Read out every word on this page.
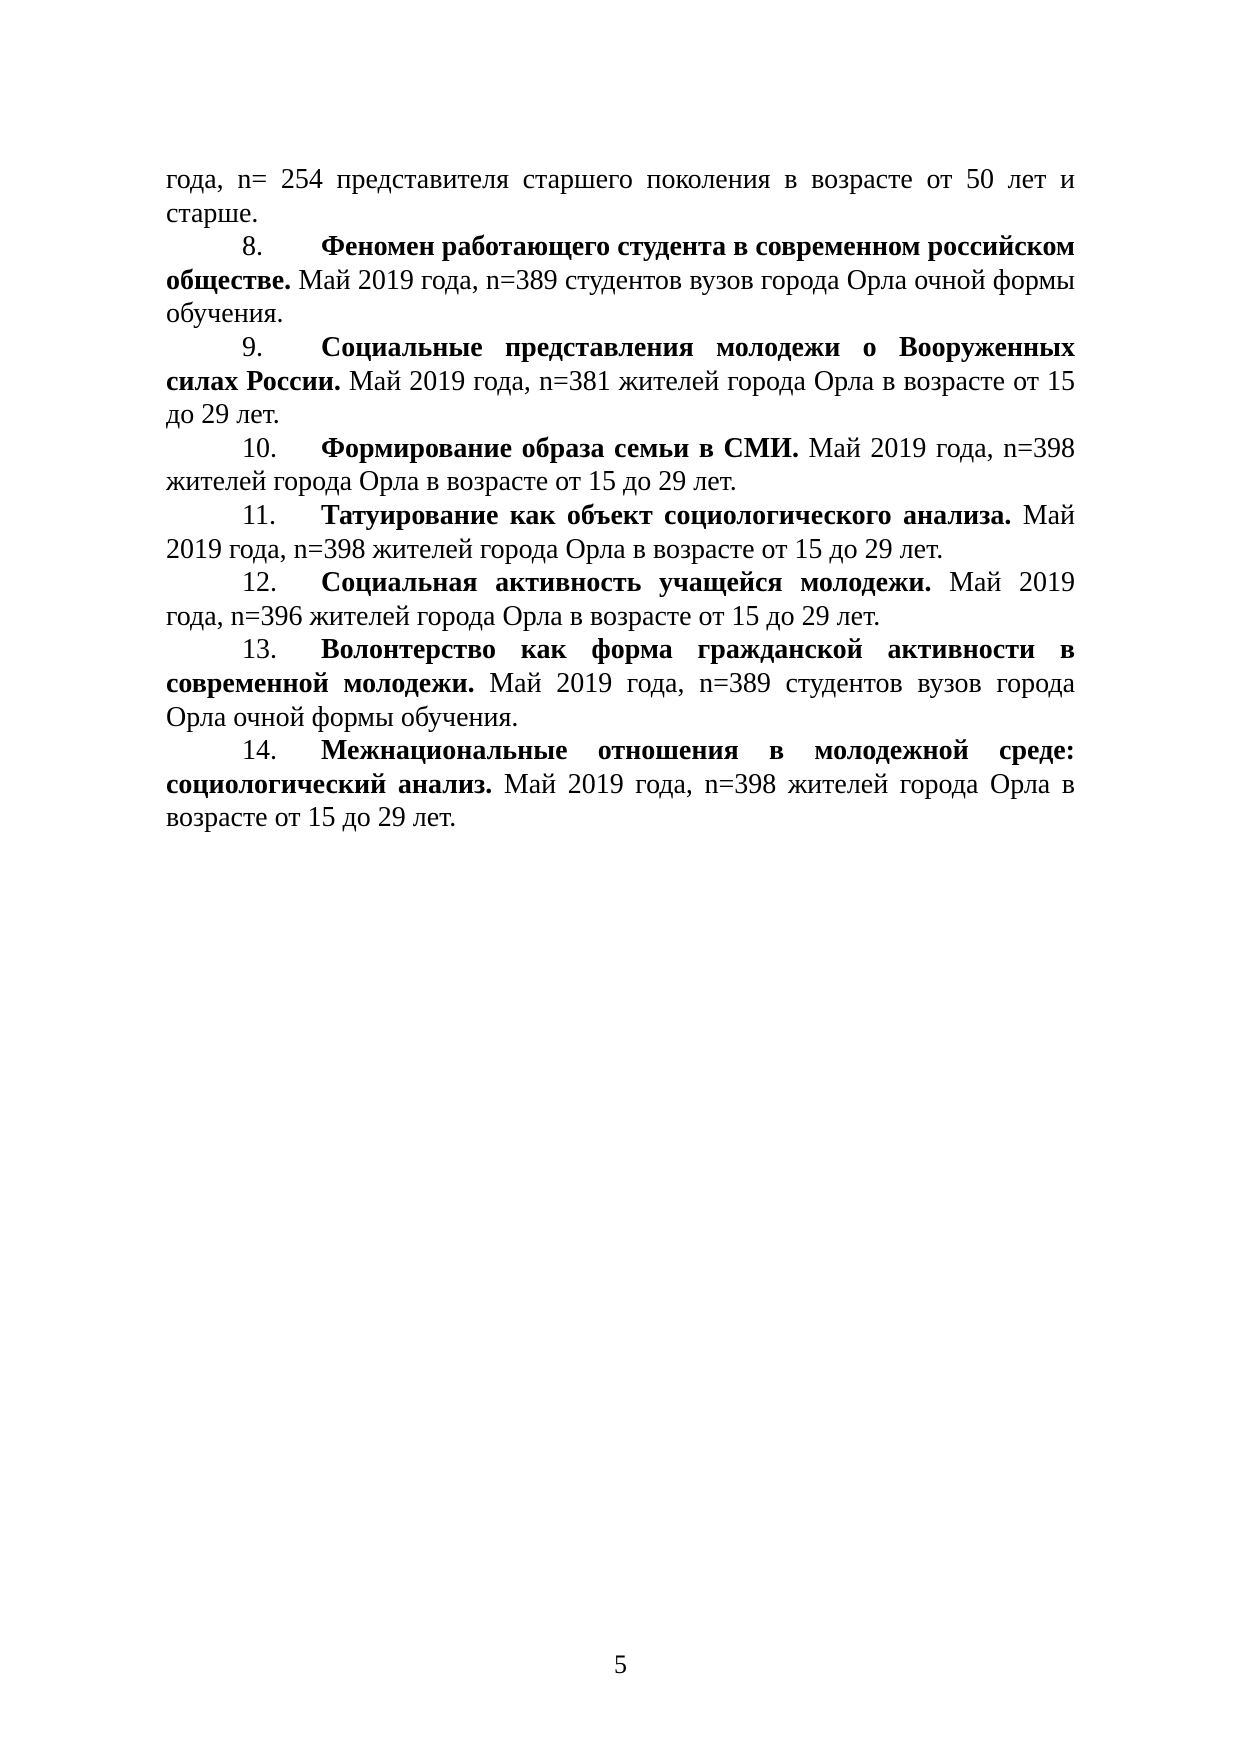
года, n= 254 представителя старшего поколения в возрасте от 50 лет и старше.

8. Феномен работающего студента в современном российском обществе. Май 2019 года, n=389 студентов вузов города Орла очной формы обучения.

9. Социальные представления молодежи о Вооруженных силах России. Май 2019 года, n=381 жителей города Орла в возрасте от 15 до 29 лет.

10. Формирование образа семьи в СМИ. Май 2019 года, n=398 жителей города Орла в возрасте от 15 до 29 лет.

11. Татуирование как объект социологического анализа. Май 2019 года, n=398 жителей города Орла в возрасте от 15 до 29 лет.

12. Социальная активность учащейся молодежи. Май 2019 года, n=396 жителей города Орла в возрасте от 15 до 29 лет.

13. Волонтерство как форма гражданской активности в современной молодежи. Май 2019 года, n=389 студентов вузов города Орла очной формы обучения.

14. Межнациональные отношения в молодежной среде: социологический анализ. Май 2019 года, n=398 жителей города Орла в возрасте от 15 до 29 лет.

5
